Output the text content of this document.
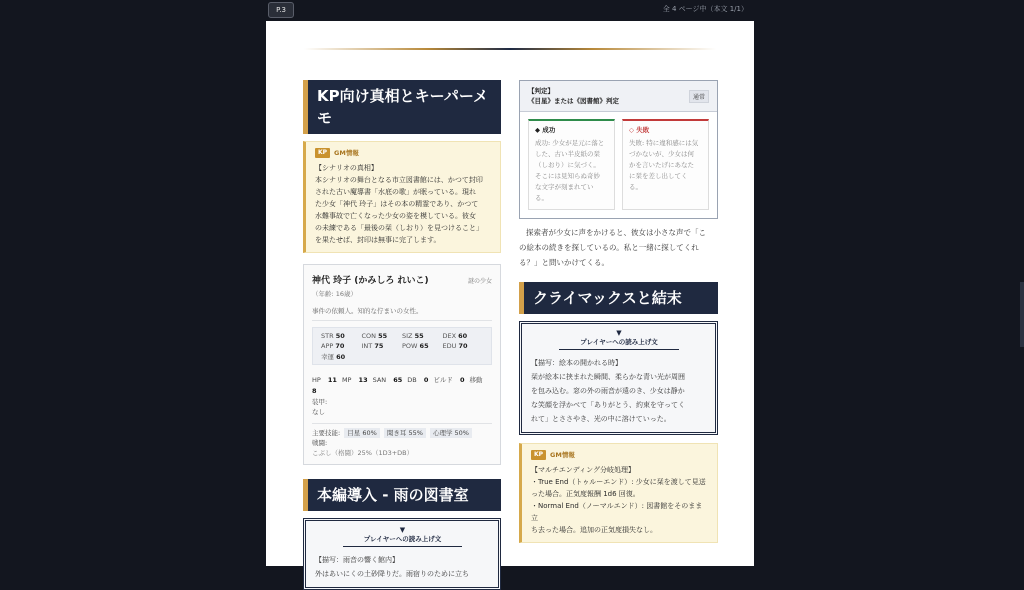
P.3	全 4 ページ中（本文 1/1）
KP向け真相とキーパーメモ
KP	GM情報
【シナリオの真相】
本シナリオの舞台となる市立図書館には、かつて封印
された古い魔導書「水底の歌」が眠っている。現れ
た少女「神代 玲子」はその本の精霊であり、かつて
水難事故で亡くなった少女の姿を模している。彼女
の未練である「最後の栞（しおり）を見つけること」
を果たせば、封印は無事に完了します。
神代 玲子 (かみしろ れいこ)	謎の少女
（年齢: 16歳）
事件の依頼人。知的な佇まいの女性。
STR 50	CON 55	SIZ 55	DEX 60
APP 70	INT 75	POW 65	EDU 70
幸運 60
HP 11 MP 13 SAN 65 DB 0 ビルド 0 移動 8
装甲:
なし
主要技能: 目星 60% 聞き耳 55% 心理学 50%
戦闘:
こぶし（格闘）25%（1D3+DB）
本編導入 - 雨の図書室
▼
プレイヤーへの読み上げ文
【描写：雨音の響く館内】
外はあいにくの土砂降りだ。雨宿りのために立ち
【判定】
《目星》または《図書館》判定	通常
◆ 成功
成功: 少女が足元に落と
した、古い半皮紙の栞
（しおり）に気づく。
そこには見知らぬ奇妙
な文字が刻まれてい
る。
◇ 失敗
失敗: 特に違和感には気
づかないが、少女は何
かを言いたげにあなた
に栞を差し出してく
る。
探索者が少女に声をかけると、彼女は小さな声で「こ
の絵本の続きを探しているの。私と一緒に探してくれ
る？」と問いかけてくる。
クライマックスと結末
▼
プレイヤーへの読み上げ文
【描写：絵本の開かれる時】
栞が絵本に挟まれた瞬間、柔らかな青い光が周囲
を包み込む。窓の外の雨音が遠のき、少女は静か
な笑顔を浮かべて「ありがとう、約束を守ってく
れて」とささやき、光の中に溶けていった。
KP	GM情報
【マルチエンディング分岐処理】
・True End（トゥルーエンド）: 少女に栞を渡して見送
った場合。正気度報酬 1d6 回復。
・Normal End（ノーマルエンド）: 図書館をそのまま立
ち去った場合。追加の正気度損失なし。
